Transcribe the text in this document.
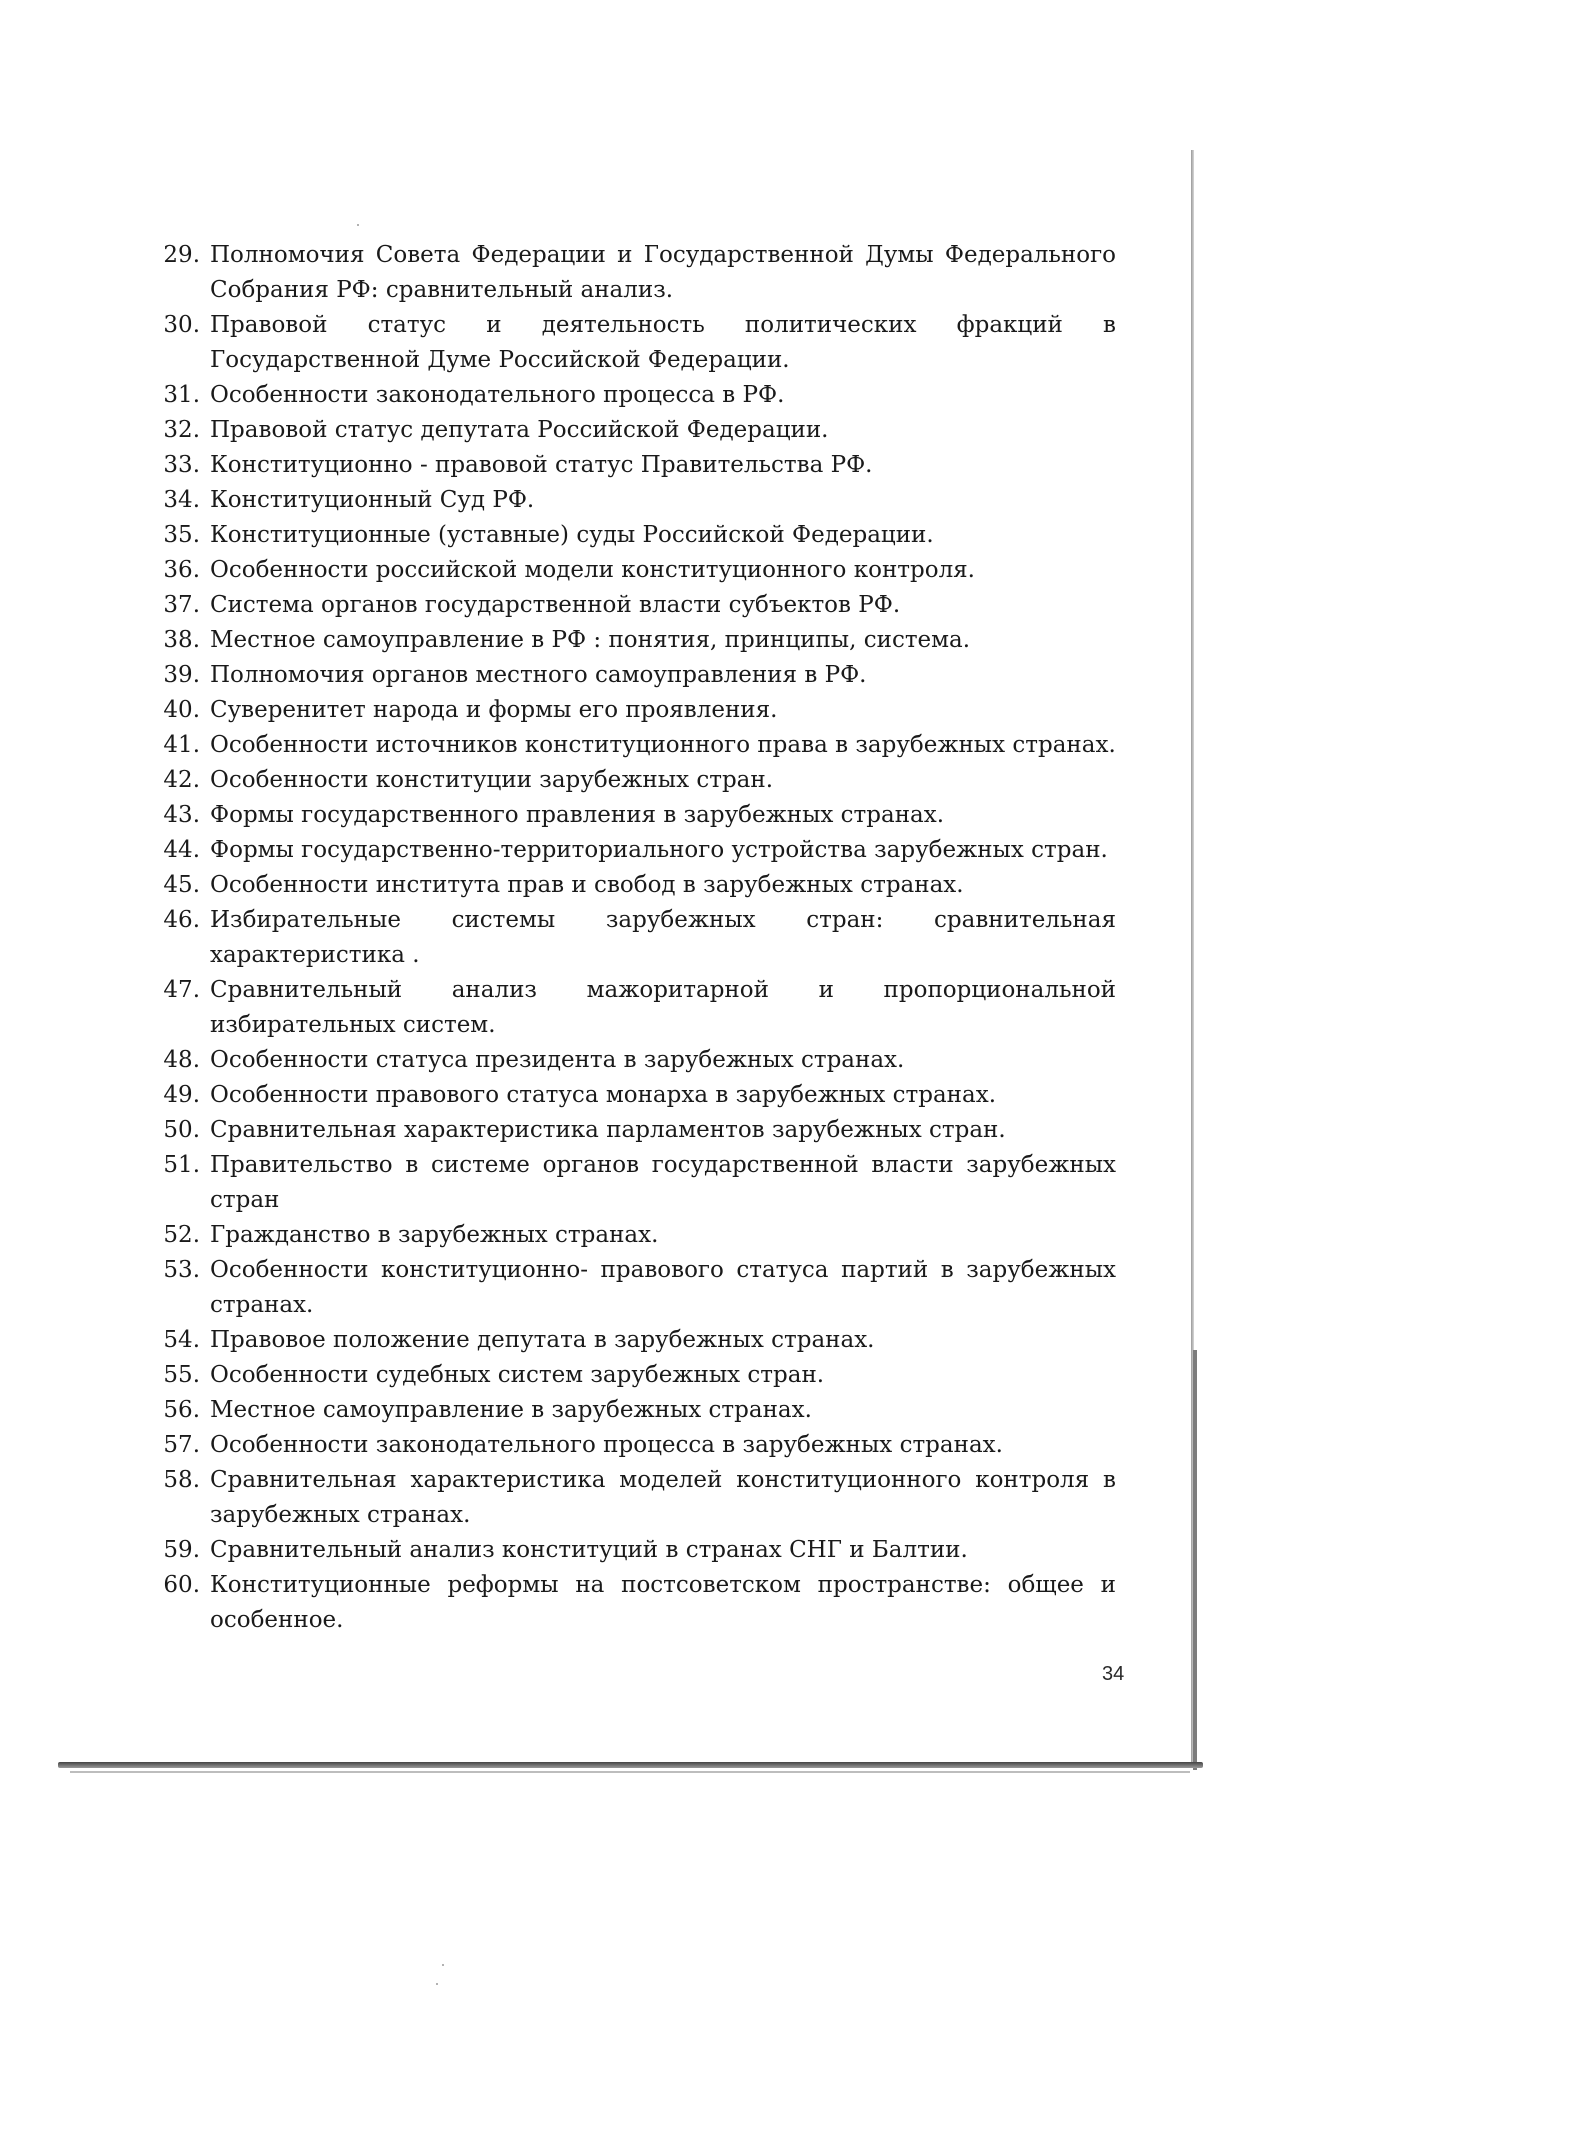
29. Полномочия Совета Федерации и Государственной Думы Федерального Собрания РФ: сравнительный анализ.
30. Правовой статус и деятельность политических фракций в Государственной Думе Российской Федерации.
31. Особенности законодательного процесса в РФ.
32. Правовой статус депутата Российской Федерации.
33. Конституционно - правовой статус Правительства РФ.
34. Конституционный Суд РФ.
35. Конституционные (уставные) суды Российской Федерации.
36. Особенности российской модели конституционного контроля.
37. Система органов государственной власти субъектов РФ.
38. Местное самоуправление в РФ : понятия, принципы, система.
39. Полномочия органов местного самоуправления в РФ.
40. Суверенитет народа и формы его проявления.
41. Особенности источников конституционного права в зарубежных странах.
42. Особенности конституции зарубежных стран.
43. Формы государственного правления в зарубежных странах.
44. Формы государственно-территориального устройства зарубежных стран.
45. Особенности института прав и свобод в зарубежных странах.
46. Избирательные системы зарубежных стран: сравнительная характеристика .
47. Сравнительный анализ мажоритарной и пропорциональной избирательных систем.
48. Особенности статуса президента в зарубежных странах.
49. Особенности правового статуса монарха в зарубежных странах.
50. Сравнительная характеристика парламентов зарубежных стран.
51. Правительство в системе органов государственной власти зарубежных стран
52. Гражданство в зарубежных странах.
53. Особенности конституционно- правового статуса партий в зарубежных странах.
54. Правовое положение депутата в зарубежных странах.
55. Особенности судебных систем зарубежных стран.
56. Местное самоуправление в зарубежных странах.
57. Особенности законодательного процесса в зарубежных странах.
58. Сравнительная характеристика моделей конституционного контроля в зарубежных странах.
59. Сравнительный анализ конституций в странах СНГ и Балтии.
60. Конституционные реформы на постсоветском пространстве: общее и особенное.
34
